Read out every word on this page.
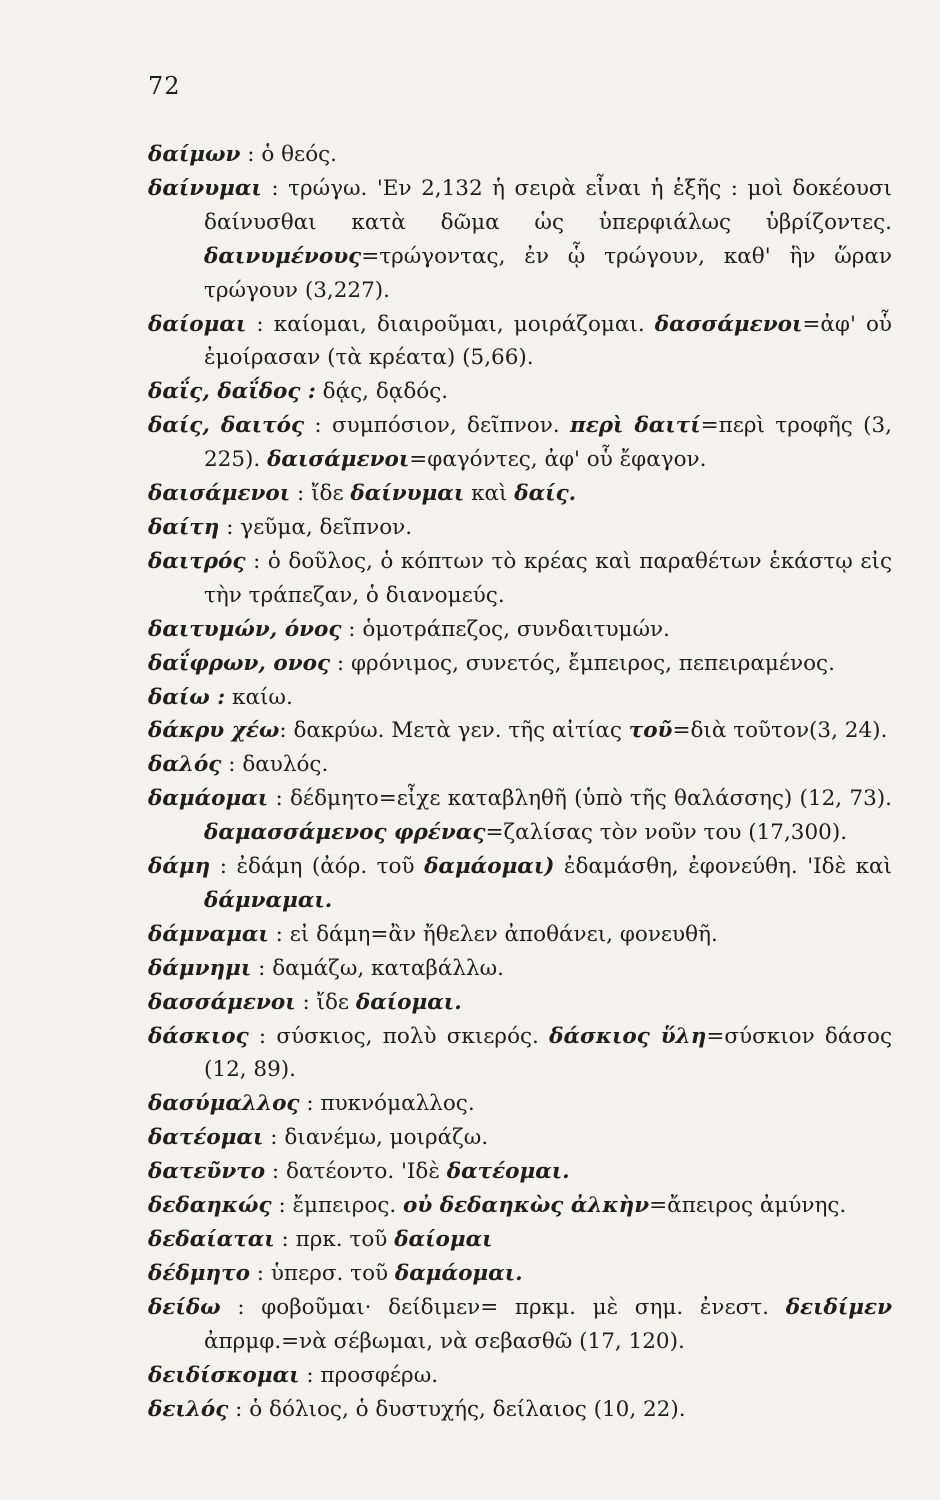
72

δαίμων : ὁ θεός.

δαίνυμαι : τρώγω. 'Εν 2,132 ἡ σειρὰ εἶναι ἡ ἑξῆς : μοὶ δοκέουσι δαίνυσθαι κατὰ δῶμα ὡς ὑπερφιάλως ὑβρίζοντες. δαινυμένους=τρώγοντας, ἐν ᾧ τρώγουν, καθ' ἣν ὥραν τρώγουν (3,227).

δαίομαι : καίομαι, διαιροῦμαι, μοιράζομαι. δασσάμενοι=ἀφ' οὗ ἐμοίρασαν (τὰ κρέατα) (5,66).

δαΐς, δαΐδος : δᾴς, δᾳδός.

δαίς, δαιτός : συμπόσιον, δεῖπνον. περὶ δαιτί=περὶ τροφῆς (3, 225). δαισάμενοι=φαγόντες, ἀφ' οὗ ἔφαγον.

δαισάμενοι : ἴδε δαίνυμαι καὶ δαίς.

δαίτη : γεῦμα, δεῖπνον.

δαιτρός : ὁ δοῦλος, ὁ κόπτων τὸ κρέας καὶ παραθέτων ἑκάστῳ εἰς τὴν τράπεζαν, ὁ διανομεύς.

δαιτυμών, όνος : ὁμοτράπεζος, συνδαιτυμών.

δαΐφρων, ονος : φρόνιμος, συνετός, ἔμπειρος, πεπειραμένος.

δαίω : καίω.

δάκρυ χέω: δακρύω. Μετὰ γεν. τῆς αἰτίας τοῦ=διὰ τοῦτον(3, 24).

δαλός : δαυλός.

δαμάομαι : δέδμητο=εἶχε καταβληθῆ (ὑπὸ τῆς θαλάσσης) (12, 73). δαμασσάμενος φρένας=ζαλίσας τὸν νοῦν του (17,300).

δάμη : ἐδάμη (ἀόρ. τοῦ δαμάομαι) ἐδαμάσθη, ἐφονεύθη. 'Ιδὲ καὶ δάμναμαι.

δάμναμαι : εἰ δάμη=ἂν ἤθελεν ἀποθάνει, φονευθῆ.

δάμνημι : δαμάζω, καταβάλλω.

δασσάμενοι : ἴδε δαίομαι.

δάσκιος : σύσκιος, πολὺ σκιερός. δάσκιος ὕλη=σύσκιον δάσος (12, 89).

δασύμαλλος : πυκνόμαλλος.

δατέομαι : διανέμω, μοιράζω.

δατεῦντο : δατέοντο. 'Ιδὲ δατέομαι.

δεδαηκώς : ἔμπειρος. οὐ δεδαηκὼς ἀλκὴν=ἄπειρος ἀμύνης.

δεδαίαται : πρκ. τοῦ δαίομαι

δέδμητο : ὑπερσ. τοῦ δαμάομαι.

δείδω : φοβοῦμαι· δείδιμεν= πρκμ. μὲ σημ. ἐνεστ. δειδίμεν ἀπρμφ.=νὰ σέβωμαι, νὰ σεβασθῶ (17, 120).

δειδίσκομαι : προσφέρω.

δειλός : ὁ δόλιος, ὁ δυστυχής, δείλαιος (10, 22).
